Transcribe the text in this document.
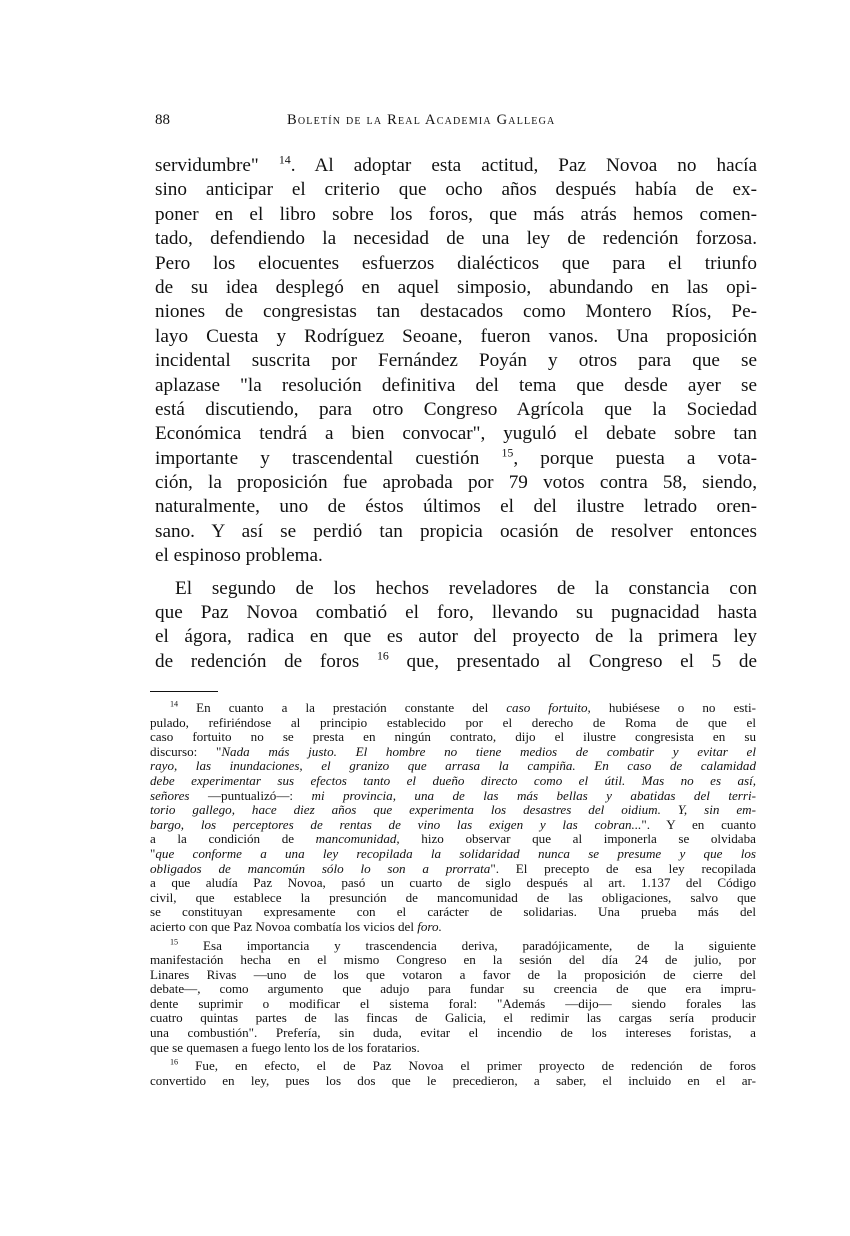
88	Boletín de la Real Academia Gallega
servidumbre" $^{14}$. Al adoptar esta actitud, Paz Novoa no hacía
sino anticipar el criterio que ocho años después había de ex-
poner en el libro sobre los foros, que más atrás hemos comen-
tado, defendiendo la necesidad de una ley de redención forzosa.
Pero los elocuentes esfuerzos dialécticos que para el triunfo
de su idea desplegó en aquel simposio, abundando en las opi-
niones de congresistas tan destacados como Montero Ríos, Pe-
layo Cuesta y Rodríguez Seoane, fueron vanos. Una proposición
incidental suscrita por Fernández Poyán y otros para que se
aplazase "la resolución definitiva del tema que desde ayer se
está discutiendo, para otro Congreso Agrícola que la Sociedad
Económica tendrá a bien convocar", yuguló el debate sobre tan
importante y trascendental cuestión $^{15}$, porque puesta a vota-
ción, la proposición fue aprobada por 79 votos contra 58, siendo,
naturalmente, uno de éstos últimos el del ilustre letrado oren-
sano. Y así se perdió tan propicia ocasión de resolver entonces
el espinoso problema.
El segundo de los hechos reveladores de la constancia con
que Paz Novoa combatió el foro, llevando su pugnacidad hasta
el ágora, radica en que es autor del proyecto de la primera ley
de redención de foros $^{16}$ que, presentado al Congreso el 5 de
$^{14}$ En cuanto a la prestación constante del caso fortuito, hubiésese o no esti-
pulado, refiriéndose al principio establecido por el derecho de Roma de que el
caso fortuito no se presta en ningún contrato, dijo el ilustre congresista en su
discurso: "Nada más justo. El hombre no tiene medios de combatir y evitar el
rayo, las inundaciones, el granizo que arrasa la campiña. En caso de calamidad
debe experimentar sus efectos tanto el dueño directo como el útil. Mas no es así,
señores —puntualizó—: mi provincia, una de las más bellas y abatidas del terri-
torio gallego, hace diez años que experimenta los desastres del oidium. Y, sin em-
bargo, los perceptores de rentas de vino las exigen y las cobran...". Y en cuanto
a la condición de mancomunidad, hizo observar que al imponerla se olvidaba
"que conforme a una ley recopilada la solidaridad nunca se presume y que los
obligados de mancomún sólo lo son a prorrata". El precepto de esa ley recopilada
a que aludía Paz Novoa, pasó un cuarto de siglo después al art. 1.137 del Código
civil, que establece la presunción de mancomunidad de las obligaciones, salvo que
se constituyan expresamente con el carácter de solidarias. Una prueba más del
acierto con que Paz Novoa combatía los vicios del foro.
$^{15}$ Esa importancia y trascendencia deriva, paradójicamente, de la siguiente
manifestación hecha en el mismo Congreso en la sesión del día 24 de julio, por
Linares Rivas —uno de los que votaron a favor de la proposición de cierre del
debate—, como argumento que adujo para fundar su creencia de que era impru-
dente suprimir o modificar el sistema foral: "Además —dijo— siendo forales las
cuatro quintas partes de las fincas de Galicia, el redimir las cargas sería producir
una combustión". Prefería, sin duda, evitar el incendio de los intereses foristas, a
que se quemasen a fuego lento los de los foratarios.
$^{16}$ Fue, en efecto, el de Paz Novoa el primer proyecto de redención de foros
convertido en ley, pues los dos que le precedieron, a saber, el incluido en el ar-
